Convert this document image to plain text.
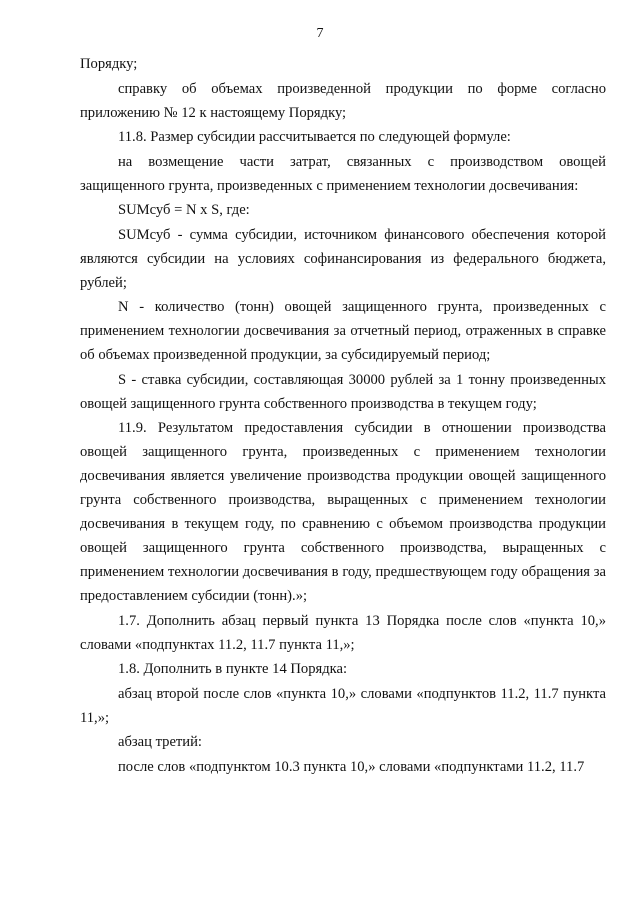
7

Порядку;

справку об объемах произведенной продукции по форме согласно приложению № 12 к настоящему Порядку;

11.8. Размер субсидии рассчитывается по следующей формуле:

на возмещение части затрат, связанных с производством овощей защищенного грунта, произведенных с применением технологии досвечивания:

SUMсуб = N x S, где:

SUMсуб - сумма субсидии, источником финансового обеспечения которой являются субсидии на условиях софинансирования из федерального бюджета, рублей;

N - количество (тонн) овощей защищенного грунта, произведенных с применением технологии досвечивания за отчетный период, отраженных в справке об объемах произведенной продукции, за субсидируемый период;

S - ставка субсидии, составляющая 30000 рублей за 1 тонну произведенных овощей защищенного грунта собственного производства в текущем году;

11.9. Результатом предоставления субсидии в отношении производства овощей защищенного грунта, произведенных с применением технологии досвечивания является увеличение производства продукции овощей защищенного грунта собственного производства, выращенных с применением технологии досвечивания в текущем году, по сравнению с объемом производства продукции овощей защищенного грунта собственного производства, выращенных с применением технологии досвечивания в году, предшествующем году обращения за предоставлением субсидии (тонн).»;

1.7. Дополнить абзац первый пункта 13 Порядка после слов «пункта 10,» словами «подпунктах 11.2, 11.7 пункта 11,»;

1.8. Дополнить в пункте 14 Порядка:

абзац второй после слов «пункта 10,» словами «подпунктов 11.2, 11.7 пункта 11,»;

абзац третий:

после слов «подпунктом 10.3 пункта 10,» словами «подпунктами 11.2, 11.7
